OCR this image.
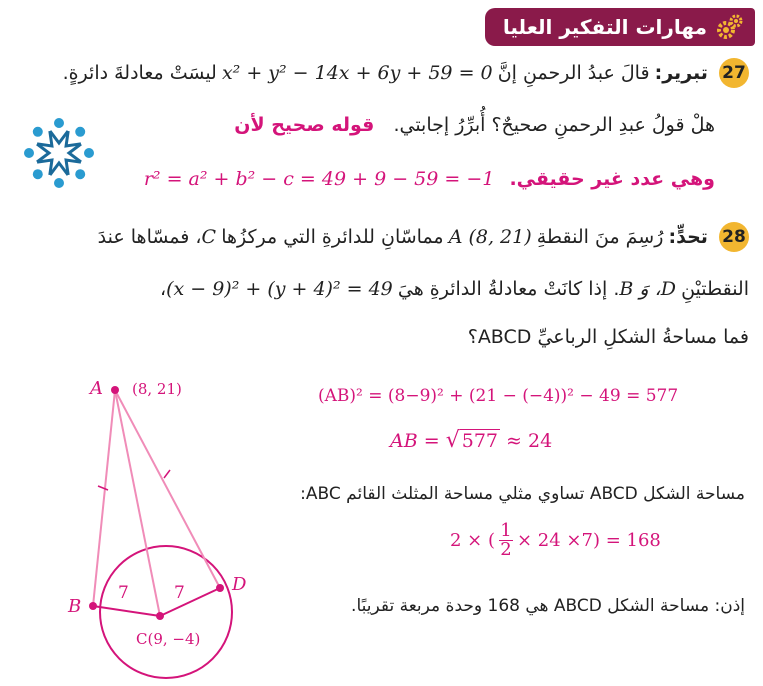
مهارات التفكير العليا
27 تبرير: قالَ عبدُ الرحمنِ إنَّ x² + y² − 14x + 6y + 59 = 0 ليسَتْ معادلةَ دائرةٍ.
هلْ قولُ عبدِ الرحمنِ صحيحٌ؟ أُبرِّرُ إجابتي. قوله صحيح لأن
وهي عدد غير حقيقي. r² = a² + b² − c = 49 + 9 − 59 = −1
28 تحدٍّ: رُسِمَ منَ النقطةِ A (8, 21) مماسّانِ للدائرةِ التي مركزُها C، فمسّاها عندَ
النقطتيْنِ D، وَ B. إذا كانَتْ معادلةُ الدائرةِ هيَ (x − 9)² + (y + 4)² = 49،
فما مساحةُ الشكلِ الرباعيِّ ABCD؟
(AB)² = (8−9)² + (21 − (−4))² − 49 = 577
AB = √ 577 ≈ 24
مساحة الشكل ABCD تساوي مثلي مساحة المثلث القائم ABC:
2 × ( 1
2 × 24 ×7) = 168
إذن: مساحة الشكل ABCD هي 168 وحدة مربعة تقريبًا.
A (8, 21)
B
D
7	7
C(9, −4)
